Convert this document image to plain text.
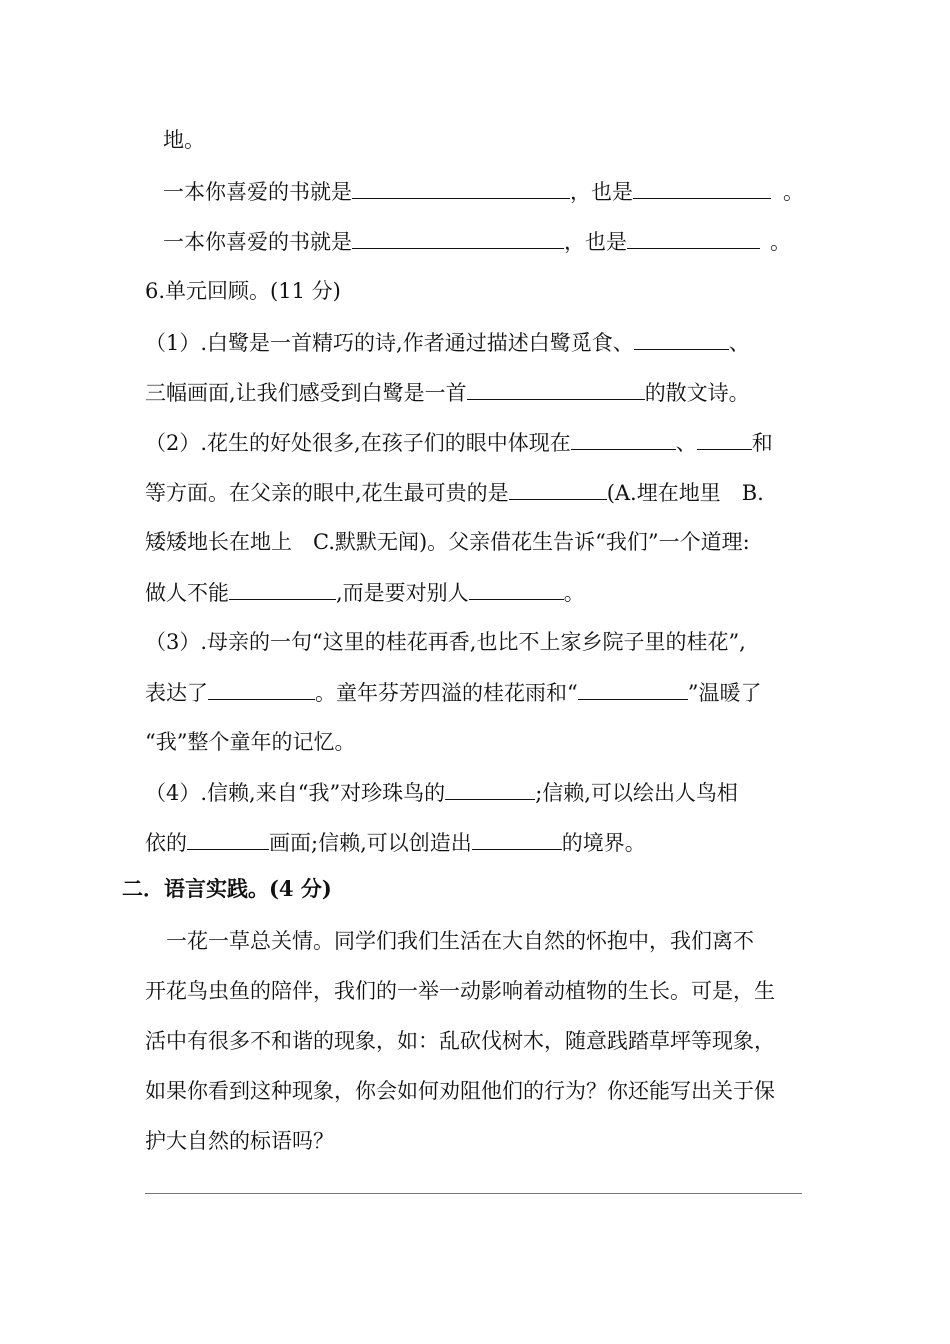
地。
一本你喜爱的书就是	，也是	。
一本你喜爱的书就是	，也是	。
6.单元回顾。(11 分)
（1）.白鹭是一首精巧的诗,作者通过描述白鹭觅食、	、
三幅画面,让我们感受到白鹭是一首	的散文诗。
（2）.花生的好处很多,在孩子们的眼中体现在	、	和
等方面。在父亲的眼中,花生最可贵的是	(A.埋在地里　B.
矮矮地长在地上　C.默默无闻)。父亲借花生告诉“我们”一个道理:
做人不能	,而是要对别人	。
（3）.母亲的一句“这里的桂花再香,也比不上家乡院子里的桂花”,
表达了	。童年芬芳四溢的桂花雨和“	”温暖了
“我”整个童年的记忆。
（4）.信赖,来自“我”对珍珠鸟的	;信赖,可以绘出人鸟相
依的	画面;信赖,可以创造出	的境界。
二．语言实践。(4 分)
　一花一草总关情。同学们我们生活在大自然的怀抱中，我们离不
开花鸟虫鱼的陪伴，我们的一举一动影响着动植物的生长。可是，生
活中有很多不和谐的现象，如：乱砍伐树木，随意践踏草坪等现象，
如果你看到这种现象，你会如何劝阻他们的行为？你还能写出关于保
护大自然的标语吗？
